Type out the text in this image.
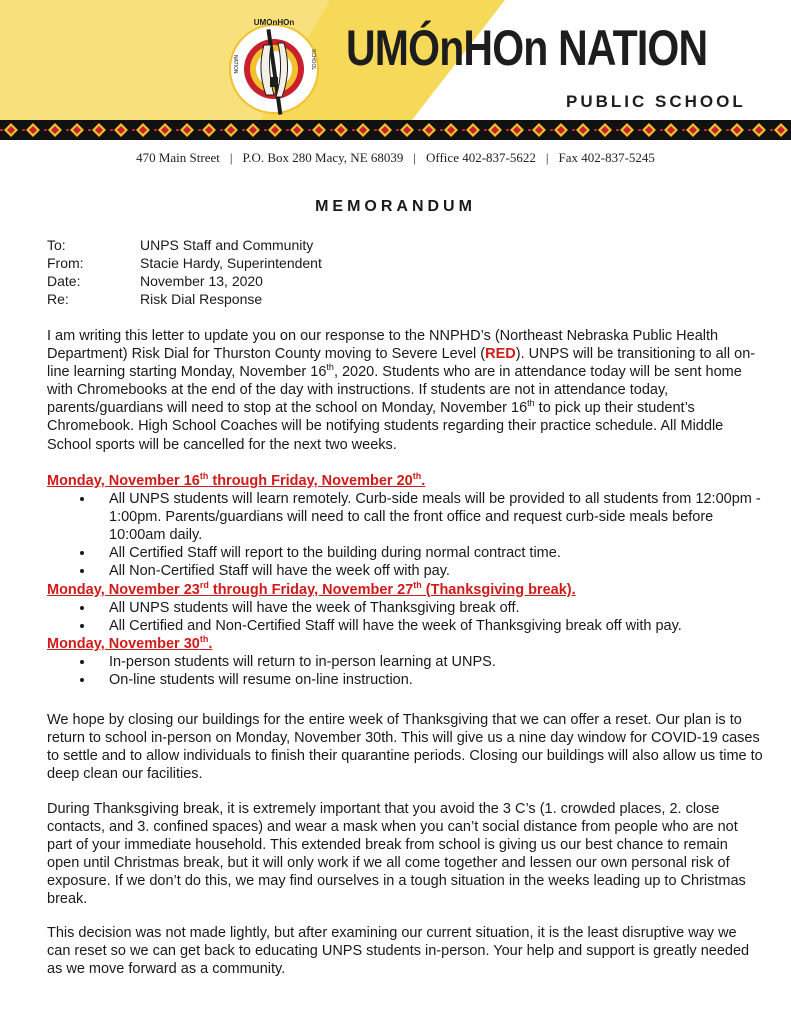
UMOnHOn
NATION	SCHOOL UMÓnHOn NATION
PUBLIC SCHOOL
470 Main Street | P.O. Box 280 Macy, NE 68039 | Office 402-837-5622 | Fax 402-837-5245
MEMORANDUM
To:	UNPS Staff and Community
From:	Stacie Hardy, Superintendent
Date:	November 13, 2020
Re:	Risk Dial Response
I am writing this letter to update you on our response to the NNPHD’s (Northeast Nebraska Public Health Department) Risk Dial for Thurston County moving to Severe Level (RED). UNPS will be transitioning to all on-line learning starting Monday, November 16th, 2020. Students who are in attendance today will be sent home with Chromebooks at the end of the day with instructions. If students are not in attendance today, parents/guardians will need to stop at the school on Monday, November 16th to pick up their student’s Chromebook. High School Coaches will be notifying students regarding their practice schedule. All Middle School sports will be cancelled for the next two weeks.
Monday, November 16th through Friday, November 20th.
All UNPS students will learn remotely. Curb-side meals will be provided to all students from 12:00pm - 1:00pm. Parents/guardians will need to call the front office and request curb-side meals before 10:00am daily.
All Certified Staff will report to the building during normal contract time.
All Non-Certified Staff will have the week off with pay.
Monday, November 23rd through Friday, November 27th (Thanksgiving break).
All UNPS students will have the week of Thanksgiving break off.
All Certified and Non-Certified Staff will have the week of Thanksgiving break off with pay.
Monday, November 30th.
In-person students will return to in-person learning at UNPS.
On-line students will resume on-line instruction.
We hope by closing our buildings for the entire week of Thanksgiving that we can offer a reset. Our plan is to return to school in-person on Monday, November 30th. This will give us a nine day window for COVID-19 cases to settle and to allow individuals to finish their quarantine periods. Closing our buildings will also allow us time to deep clean our facilities.
During Thanksgiving break, it is extremely important that you avoid the 3 C’s (1. crowded places, 2. close contacts, and 3. confined spaces) and wear a mask when you can’t social distance from people who are not part of your immediate household. This extended break from school is giving us our best chance to remain open until Christmas break, but it will only work if we all come together and lessen our own personal risk of exposure. If we don’t do this, we may find ourselves in a tough situation in the weeks leading up to Christmas break.
This decision was not made lightly, but after examining our current situation, it is the least disruptive way we can reset so we can get back to educating UNPS students in-person. Your help and support is greatly needed as we move forward as a community.
